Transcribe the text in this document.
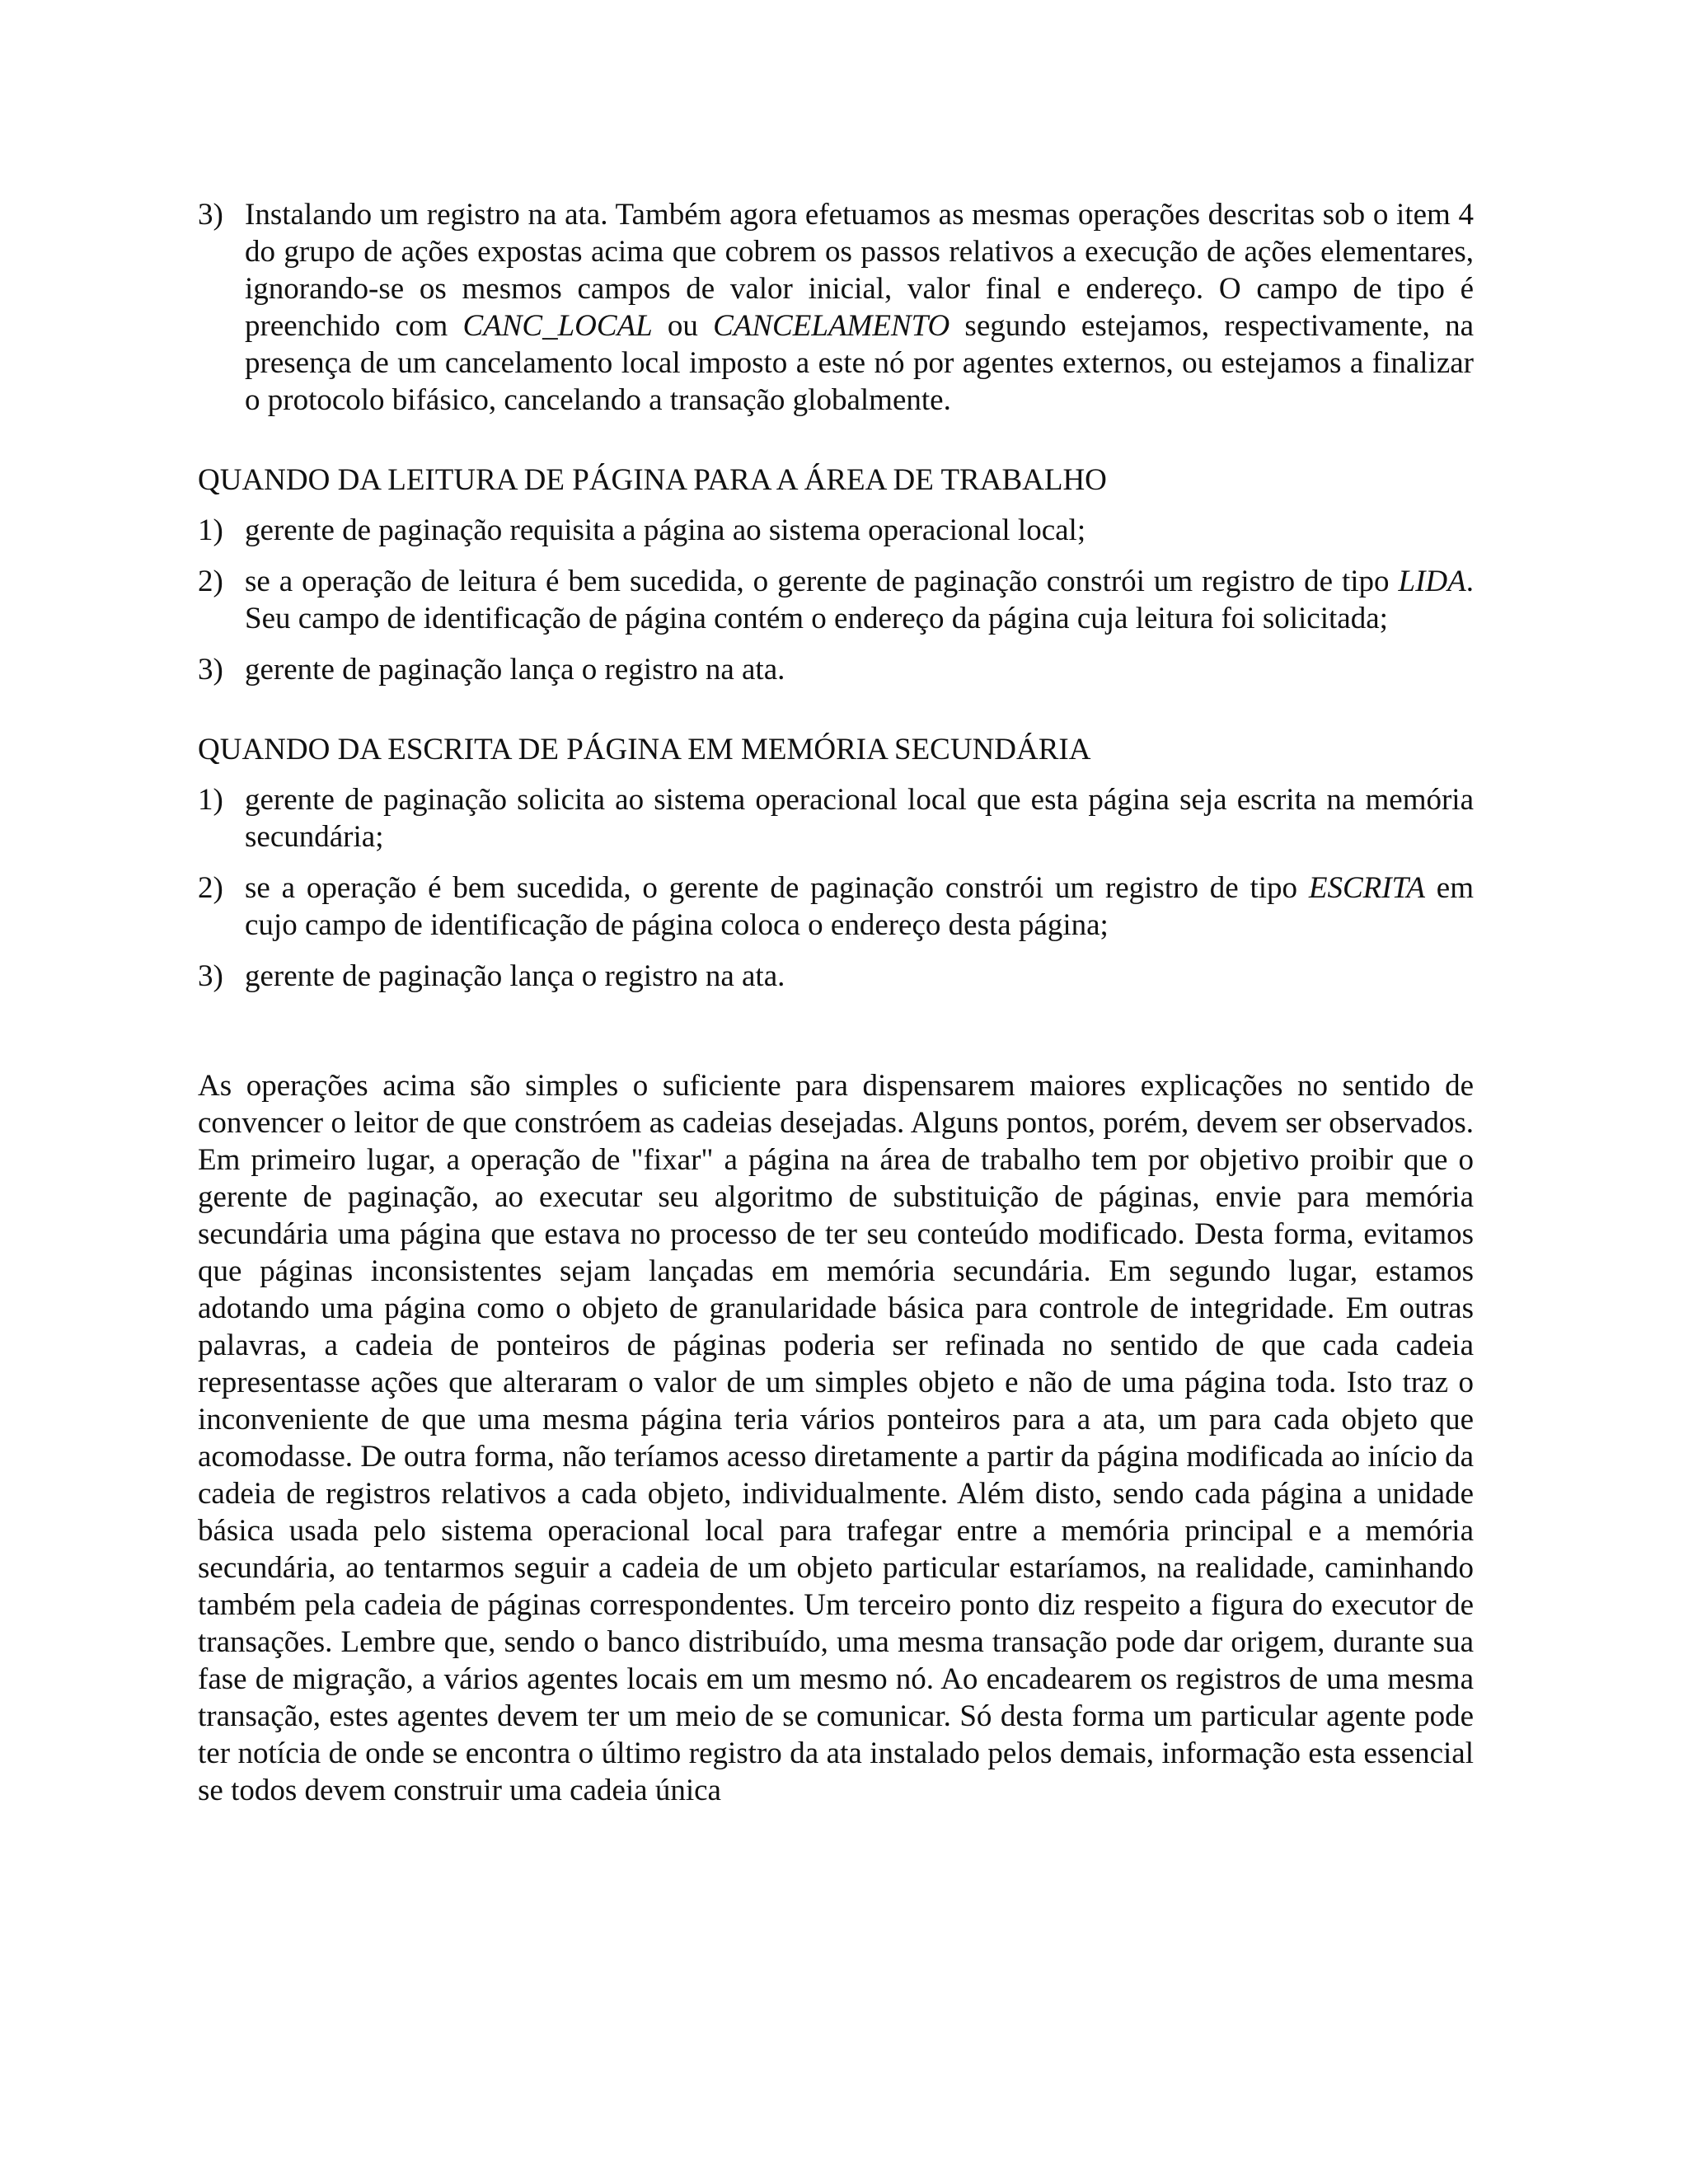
3) Instalando um registro na ata. Também agora efetuamos as mesmas operações descritas sob o item 4 do grupo de ações expostas acima que cobrem os passos relativos a execução de ações elementares, ignorando-se os mesmos campos de valor inicial, valor final e endereço. O campo de tipo é preenchido com CANC_LOCAL ou CANCELAMENTO segundo estejamos, respectivamente, na presença de um cancelamento local imposto a este nó por agentes externos, ou estejamos a finalizar o protocolo bifásico, cancelando a transação globalmente.
QUANDO DA LEITURA DE PÁGINA PARA A ÁREA DE TRABALHO
1) gerente de paginação requisita a página ao sistema operacional local;
2) se a operação de leitura é bem sucedida, o gerente de paginação constrói um registro de tipo LIDA. Seu campo de identificação de página contém o endereço da página cuja leitura foi solicitada;
3) gerente de paginação lança o registro na ata.
QUANDO DA ESCRITA DE PÁGINA EM MEMÓRIA SECUNDÁRIA
1) gerente de paginação solicita ao sistema operacional local que esta página seja escrita na memória secundária;
2) se a operação é bem sucedida, o gerente de paginação constrói um registro de tipo ESCRITA em cujo campo de identificação de página coloca o endereço desta página;
3) gerente de paginação lança o registro na ata.

As operações acima são simples o suficiente para dispensarem maiores explicações no sentido de convencer o leitor de que constróem as cadeias desejadas. Alguns pontos, porém, devem ser observados. Em primeiro lugar, a operação de "fixar" a página na área de trabalho tem por objetivo proibir que o gerente de paginação, ao executar seu algoritmo de substituição de páginas, envie para memória secundária uma página que estava no processo de ter seu conteúdo modificado. Desta forma, evitamos que páginas inconsistentes sejam lançadas em memória secundária. Em segundo lugar, estamos adotando uma página como o objeto de granularidade básica para controle de integridade. Em outras palavras, a cadeia de ponteiros de páginas poderia ser refinada no sentido de que cada cadeia representasse ações que alteraram o valor de um simples objeto e não de uma página toda. Isto traz o inconveniente de que uma mesma página teria vários ponteiros para a ata, um para cada objeto que acomodasse. De outra forma, não teríamos acesso diretamente a partir da página modificada ao início da cadeia de registros relativos a cada objeto, individualmente. Além disto, sendo cada página a unidade básica usada pelo sistema operacional local para trafegar entre a memória principal e a memória secundária, ao tentarmos seguir a cadeia de um objeto particular estaríamos, na realidade, caminhando também pela cadeia de páginas correspondentes. Um terceiro ponto diz respeito a figura do executor de transações. Lembre que, sendo o banco distribuído, uma mesma transação pode dar origem, durante sua fase de migração, a vários agentes locais em um mesmo nó. Ao encadearem os registros de uma mesma transação, estes agentes devem ter um meio de se comunicar. Só desta forma um particular agente pode ter notícia de onde se encontra o último registro da ata instalado pelos demais, informação esta essencial se todos devem construir uma cadeia única
